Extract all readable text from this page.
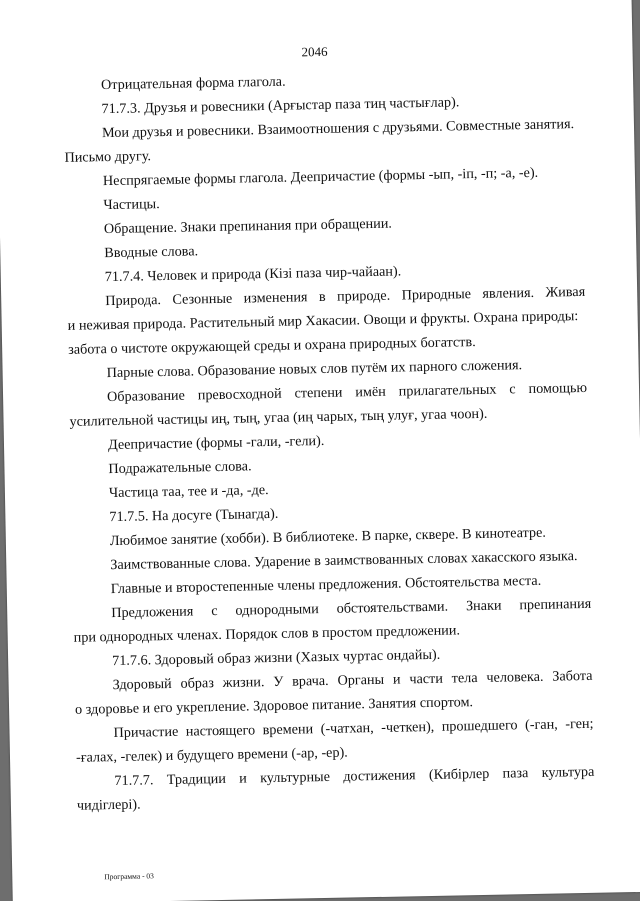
2046
Отрицательная форма глагола.
71.7.3. Друзья и ровесники (Арғыстар паза тиң частығлар).
Мои друзья и ровесники. Взаимоотношения с друзьями. Совместные занятия.
Письмо другу.
Неспрягаемые формы глагола. Деепричастие (формы -ып, -іп, -п; -а, -е).
Частицы.
Обращение. Знаки препинания при обращении.
Вводные слова.
71.7.4. Человек и природа (Кізі паза чир-чайаан).
Природа. Сезонные изменения в природе. Природные явления. Живая
и неживая природа. Растительный мир Хакасии. Овощи и фрукты. Охрана природы:
забота о чистоте окружающей среды и охрана природных богатств.
Парные слова. Образование новых слов путём их парного сложения.
Образование превосходной степени имён прилагательных с помощью
усилительной частицы иң, тың, угаа (иң чарых, тың улуғ, угаа чоон).
Деепричастие (формы -гали, -гели).
Подражательные слова.
Частица таа, тее и -да, -де.
71.7.5. На досуге (Тынагда).
Любимое занятие (хобби). В библиотеке. В парке, сквере. В кинотеатре.
Заимствованные слова. Ударение в заимствованных словах хакасского языка.
Главные и второстепенные члены предложения. Обстоятельства места.
Предложения с однородными обстоятельствами. Знаки препинания
при однородных членах. Порядок слов в простом предложении.
71.7.6. Здоровый образ жизни (Хазых чуртас ондайы).
Здоровый образ жизни. У врача. Органы и части тела человека. Забота
о здоровье и его укрепление. Здоровое питание. Занятия спортом.
Причастие настоящего времени (-чатхан, -четкен), прошедшего (-ган, -ген;
-ғалах, -гелек) и будущего времени (-ар, -ер).
71.7.7. Традиции и культурные достижения (Кибірлер паза культура
чидіглері).
Программа - 03
